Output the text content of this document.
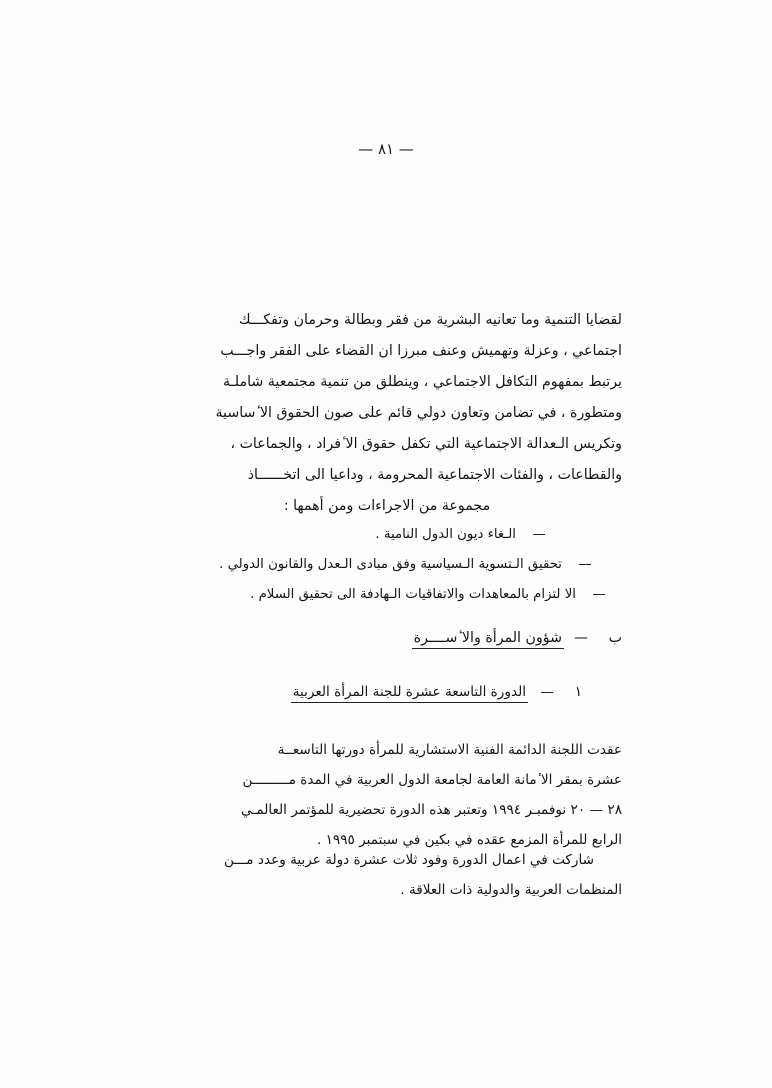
— ٨١ —
لقضايا التنمية وما تعانيه البشرية من فقر وبطالة وحرمان وتفكـــك
اجتماعي ، وعزلة وتهميش وعنف مبرزا ان القضاء على الفقر واجـــب
يرتبط بمفهوم التكافل الاجتماعي ، وينطلق من تنمية مجتمعية شاملـة
ومتطورة ، في تضامن وتعاون دولي قائم على صون الحقوق الا ٔساسية
وتكريس الـعدالة الاجتماعية التي تكفل حقوق الا ٔفراد ، والجماعات ،
والقطاعات ، والفئات الاجتماعية المحرومة ، وداعيا الى اتخــــــاذ
مجموعة من الاجراءات ومن أهمها :
—
الـغاء ديون الدول النامية .
—
تحقيق الـتسوية الـسياسية وفق مبادى الـعدل والقانون الدولي .
—
الا لتزام بالمعاهدات والاتفاقيات الـهادفة الى تحقيق السلام .
ب
—
شؤون المرأة والا ٔســــرة
١
—
الدورة التاسعة عشرة للجنة المرأة العربية
عقدت اللجنة الدائمة الفنية الاستشارية للمرأة دورتها التاسعــة
عشرة بمقر الا ٔمانة العامة لجامعة الدول العربية في المدة مـــــــــن
٢٨ — ٢٠ نوفمبـر ١٩٩٤ وتعتبر هذه الدورة تحضيرية للمؤتمر العالمـي
الرابع للمرأة المزمع عقده في بكين في سبتمبر ١٩٩٥ .
شاركت في اعمال الدورة وفود ثلات عشرة دولة عربية وعدد مـــن
المنظمات العربية والدولية ذات العلاقة .
